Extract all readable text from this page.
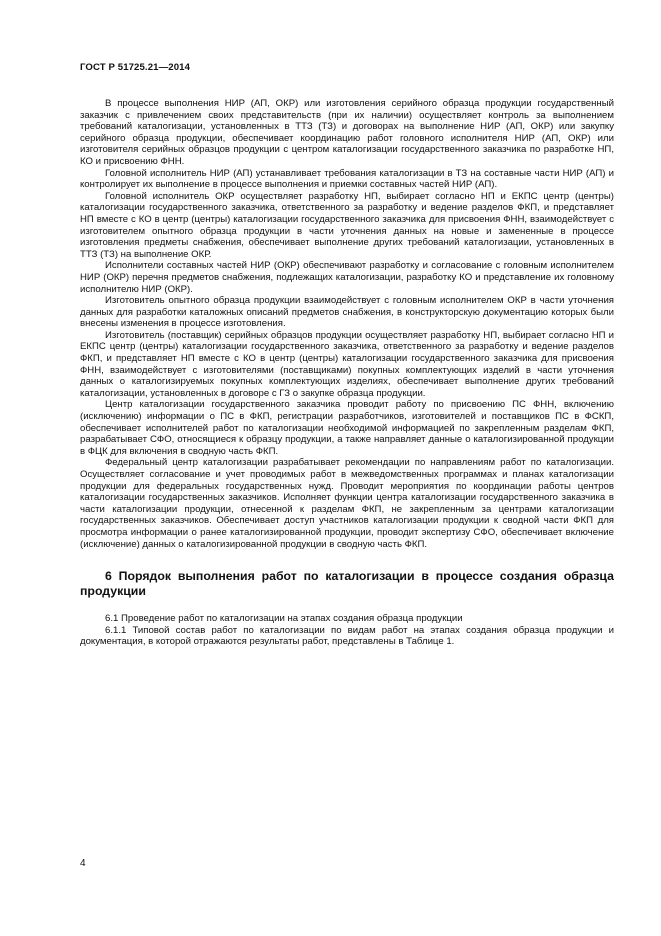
ГОСТ Р 51725.21—2014

В процессе выполнения НИР (АП, ОКР) или изготовления серийного образца продукции государственный заказчик с привлечением своих представительств (при их наличии) осуществляет контроль за выполнением требований каталогизации, установленных в ТТЗ (ТЗ) и договорах на выполнение НИР (АП, ОКР) или закупку серийного образца продукции, обеспечивает координацию работ головного исполнителя НИР (АП, ОКР) или изготовителя серийных образцов продукции с центром каталогизации государственного заказчика по разработке НП, КО и присвоению ФНН.

Головной исполнитель НИР (АП) устанавливает требования каталогизации в ТЗ на составные части НИР (АП) и контролирует их выполнение в процессе выполнения и приемки составных частей НИР (АП).

Головной исполнитель ОКР осуществляет разработку НП, выбирает согласно НП и ЕКПС центр (центры) каталогизации государственного заказчика, ответственного за разработку и ведение разделов ФКП, и представляет НП вместе с КО в центр (центры) каталогизации государственного заказчика для присвоения ФНН, взаимодействует с изготовителем опытного образца продукции в части уточнения данных на новые и замененные в процессе изготовления предметы снабжения, обеспечивает выполнение других требований каталогизации, установленных в ТТЗ (ТЗ) на выполнение ОКР.

Исполнители составных частей НИР (ОКР) обеспечивают разработку и согласование с головным исполнителем НИР (ОКР) перечня предметов снабжения, подлежащих каталогизации, разработку КО и представление их головному исполнителю НИР (ОКР).

Изготовитель опытного образца продукции взаимодействует с головным исполнителем ОКР в части уточнения данных для разработки каталожных описаний предметов снабжения, в конструкторскую документацию которых были внесены изменения в процессе изготовления.

Изготовитель (поставщик) серийных образцов продукции осуществляет разработку НП, выбирает согласно НП и ЕКПС центр (центры) каталогизации государственного заказчика, ответственного за разработку и ведение разделов ФКП, и представляет НП вместе с КО в центр (центры) каталогизации государственного заказчика для присвоения ФНН, взаимодействует с изготовителями (поставщиками) покупных комплектующих изделий в части уточнения данных о каталогизируемых покупных комплектующих изделиях, обеспечивает выполнение других требований каталогизации, установленных в договоре с ГЗ о закупке образца продукции.

Центр каталогизации государственного заказчика проводит работу по присвоению ПС ФНН, включению (исключению) информации о ПС в ФКП, регистрации разработчиков, изготовителей и поставщиков ПС в ФСКП, обеспечивает исполнителей работ по каталогизации необходимой информацией по закрепленным разделам ФКП, разрабатывает СФО, относящиеся к образцу продукции, а также направляет данные о каталогизированной продукции в ФЦК для включения в сводную часть ФКП.

Федеральный центр каталогизации разрабатывает рекомендации по направлениям работ по каталогизации. Осуществляет согласование и учет проводимых работ в межведомственных программах и планах каталогизации продукции для федеральных государственных нужд. Проводит мероприятия по координации работы центров каталогизации государственных заказчиков. Исполняет функции центра каталогизации государственного заказчика в части каталогизации продукции, отнесенной к разделам ФКП, не закрепленным за центрами каталогизации государственных заказчиков. Обеспечивает доступ участников каталогизации продукции к сводной части ФКП для просмотра информации о ранее каталогизированной продукции, проводит экспертизу СФО, обеспечивает включение (исключение) данных о каталогизированной продукции в сводную часть ФКП.

6 Порядок выполнения работ по каталогизации в процессе создания образца продукции

6.1 Проведение работ по каталогизации на этапах создания образца продукции

6.1.1 Типовой состав работ по каталогизации по видам работ на этапах создания образца продукции и документация, в которой отражаются результаты работ, представлены в Таблице 1.

4
